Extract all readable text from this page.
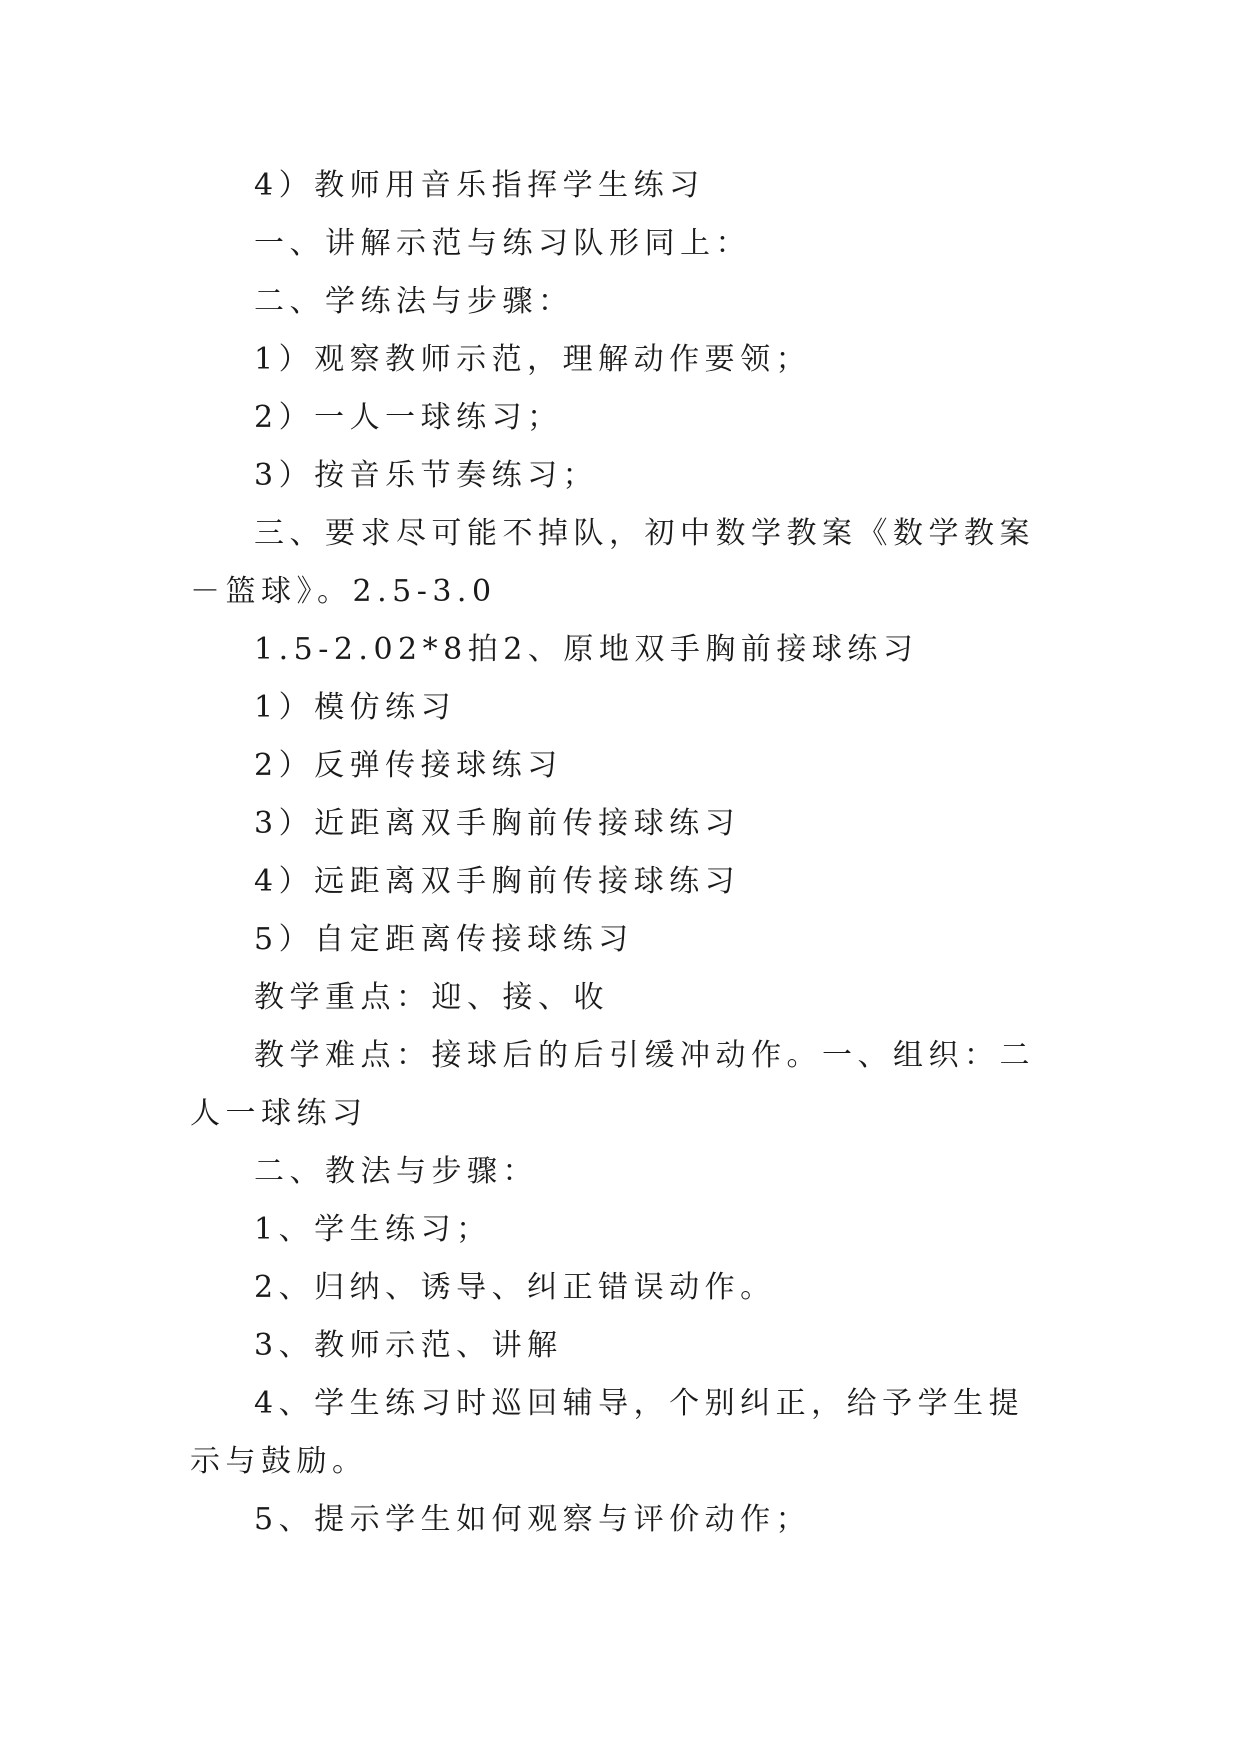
4）教师用音乐指挥学生练习

一、讲解示范与练习队形同上：

二、学练法与步骤：

1）观察教师示范，理解动作要领；

2）一人一球练习；

3）按音乐节奏练习；

三、要求尽可能不掉队，初中数学教案《数学教案－篮球》。2.5-3.0

1.5-2.02*8拍2、原地双手胸前接球练习

1）模仿练习

2）反弹传接球练习

3）近距离双手胸前传接球练习

4）远距离双手胸前传接球练习

5）自定距离传接球练习

教学重点：迎、接、收

教学难点：接球后的后引缓冲动作。一、组织：二人一球练习

二、教法与步骤：

1、学生练习；

2、归纳、诱导、纠正错误动作。

3、教师示范、讲解

4、学生练习时巡回辅导，个别纠正，给予学生提示与鼓励。

5、提示学生如何观察与评价动作；
